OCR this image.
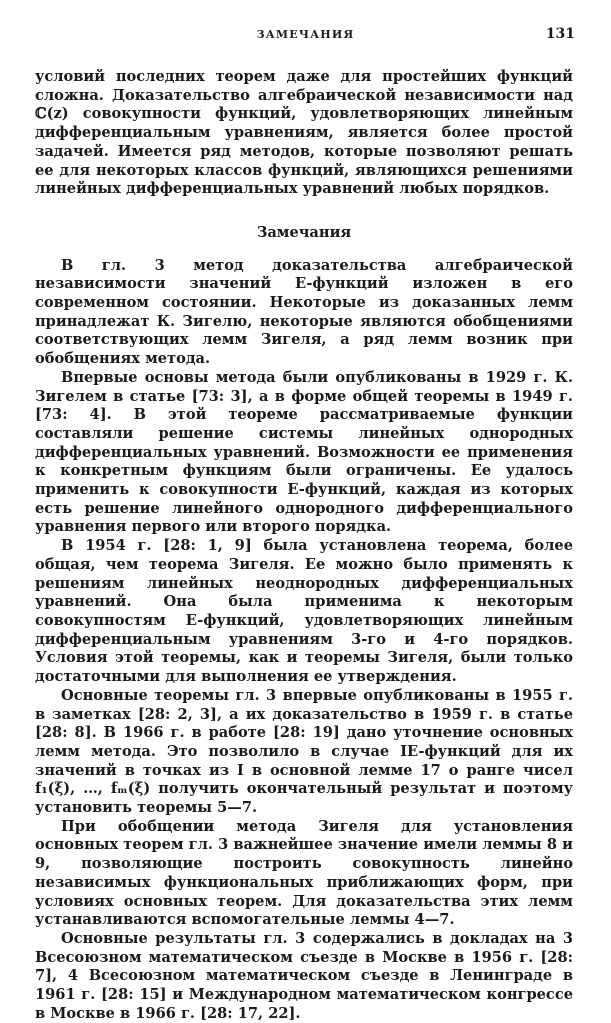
ЗАМЕЧАНИЯ	131

условий последних теорем даже для простейших функций сложна. Доказательство алгебраической независимости над ℂ(z) совокупности функций, удовлетворяющих линейным дифференциальным уравнениям, является более простой задачей. Имеется ряд методов, которые позволяют решать ее для некоторых классов функций, являющихся решениями линейных дифференциальных уравнений любых порядков.

Замечания

В гл. 3 метод доказательства алгебраической независимости значений E-функций изложен в его современном состоянии. Некоторые из доказанных лемм принадлежат К. Зигелю, некоторые являются обобщениями соответствующих лемм Зигеля, а ряд лемм возник при обобщениях метода.

Впервые основы метода были опубликованы в 1929 г. К. Зигелем в статье [73: 3], а в форме общей теоремы в 1949 г. [73: 4]. В этой теореме рассматриваемые функции составляли решение системы линейных однородных дифференциальных уравнений. Возможности ее применения к конкретным функциям были ограничены. Ее удалось применить к совокупности E-функций, каждая из которых есть решение линейного однородного дифференциального уравнения первого или второго порядка.

В 1954 г. [28: 1, 9] была установлена теорема, более общая, чем теорема Зигеля. Ее можно было применять к решениям линейных неоднородных дифференциальных уравнений. Она была применима к некоторым совокупностям E-функций, удовлетворяющих линейным дифференциальным уравнениям 3-го и 4-го порядков. Условия этой теоремы, как и теоремы Зигеля, были только достаточными для выполнения ее утверждения.

Основные теоремы гл. 3 впервые опубликованы в 1955 г. в заметках [28: 2, 3], а их доказательство в 1959 г. в статье [28: 8]. В 1966 г. в работе [28: 19] дано уточнение основных лемм метода. Это позволило в случае IE-функций для их значений в точках из I в основной лемме 17 о ранге чисел f₁(ξ), …, fₘ(ξ) получить окончательный результат и поэтому установить теоремы 5—7.

При обобщении метода Зигеля для установления основных теорем гл. 3 важнейшее значение имели леммы 8 и 9, позволяющие построить совокупность линейно независимых функциональных приближающих форм, при условиях основных теорем. Для доказательства этих лемм устанавливаются вспомогательные леммы 4—7.

Основные результаты гл. 3 содержались в докладах на 3 Всесоюзном математическом съезде в Москве в 1956 г. [28: 7], 4 Всесоюзном математическом съезде в Ленинграде в 1961 г. [28: 15] и Международном математическом конгрессе в Москве в 1966 г. [28: 17, 22].
